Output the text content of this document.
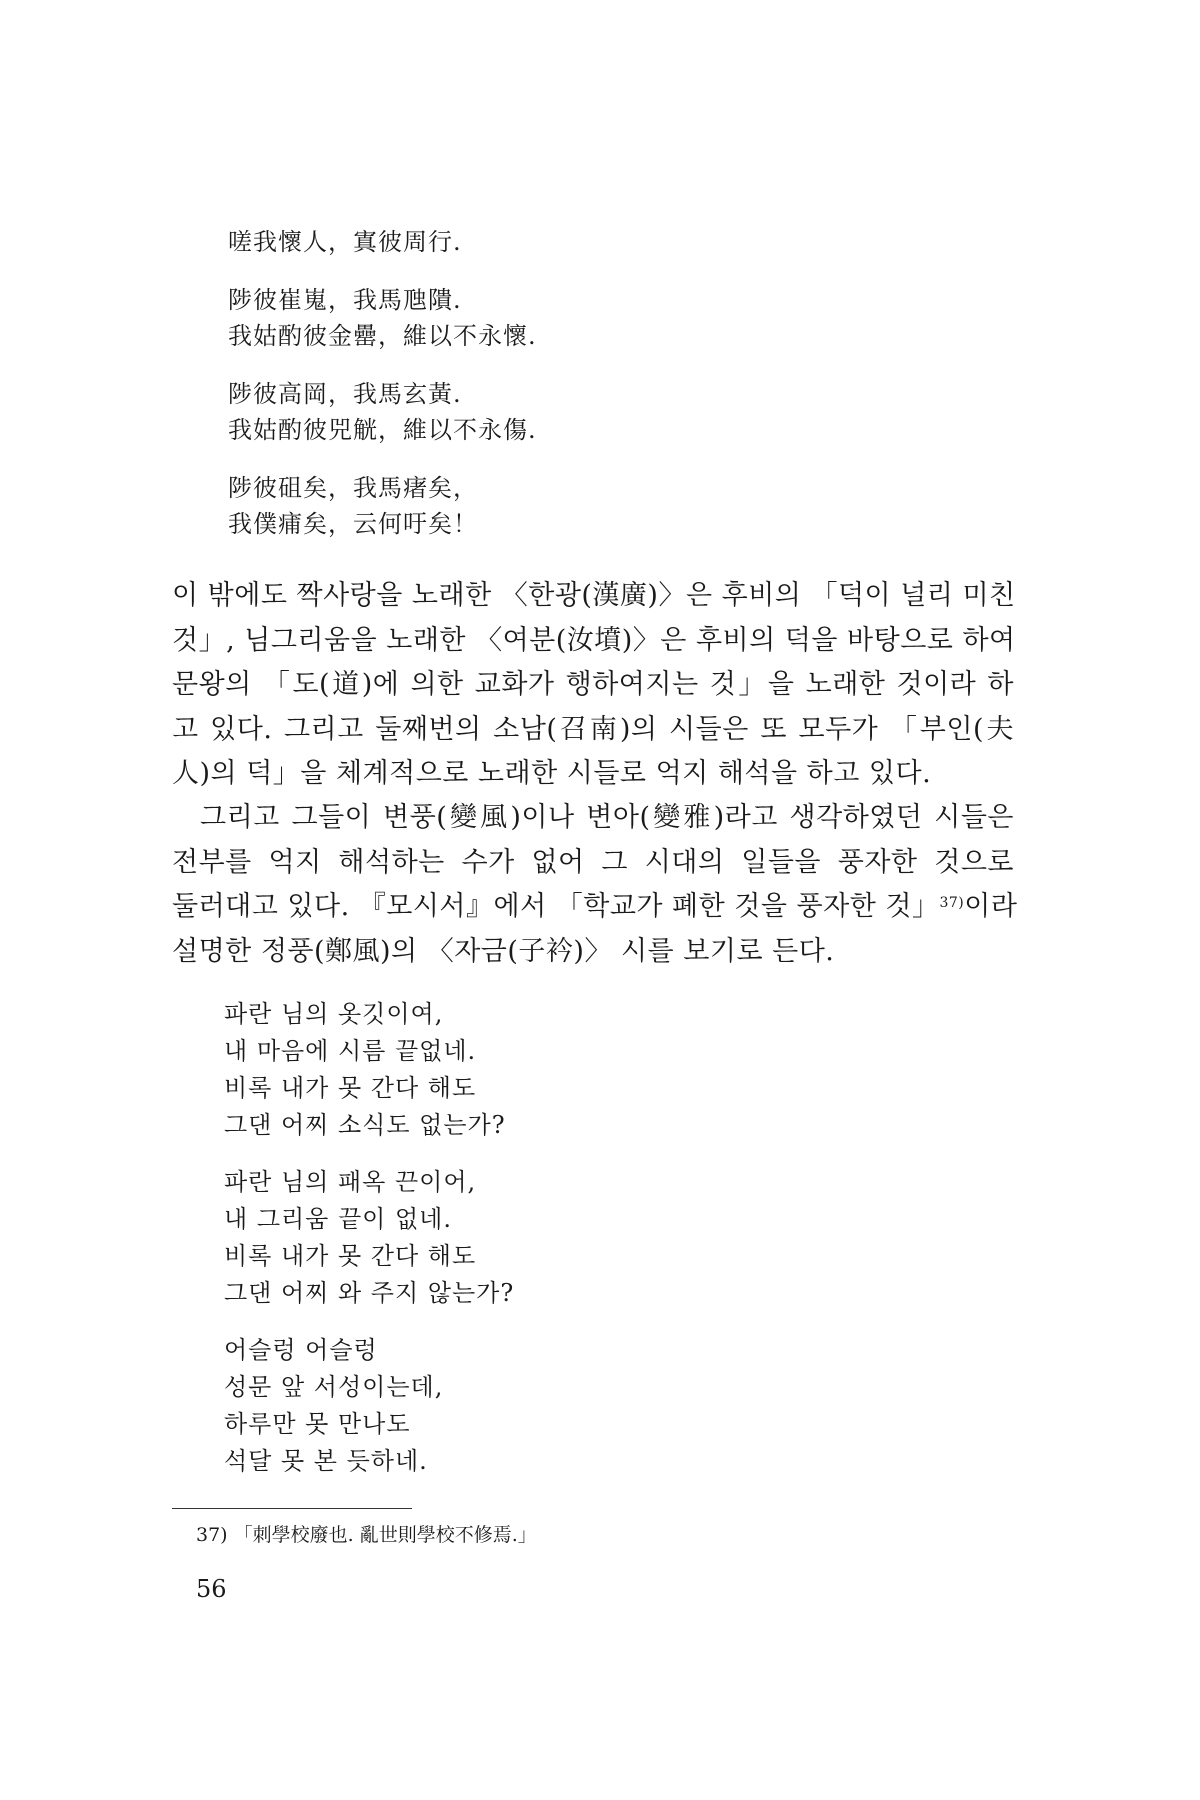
嗟我懷人，寘彼周行.
陟彼崔嵬，我馬虺隤.
我姑酌彼金罍，維以不永懷.
陟彼高岡，我馬玄黃.
我姑酌彼兕觥，維以不永傷.
陟彼砠矣，我馬瘏矣，
我僕痡矣，云何吁矣！
이 밖에도 짝사랑을 노래한 〈한광(漢廣)〉은 후비의 「덕이 널리 미친
것」, 님그리움을 노래한 〈여분(汝墳)〉은 후비의 덕을 바탕으로 하여
문왕의 「도(道)에 의한 교화가 행하여지는 것」을 노래한 것이라 하
고 있다. 그리고 둘째번의 소남(召南)의 시들은 또 모두가 「부인(夫
人)의 덕」을 체계적으로 노래한 시들로 억지 해석을 하고 있다.
그리고 그들이 변풍(變風)이나 변아(變雅)라고 생각하였던 시들은
전부를 억지 해석하는 수가 없어 그 시대의 일들을 풍자한 것으로
둘러대고 있다. 『모시서』에서 「학교가 폐한 것을 풍자한 것」$^{37)}$이라
설명한 정풍(鄭風)의 〈자금(子衿)〉 시를 보기로 든다.
파란 님의 옷깃이여,
내 마음에 시름 끝없네.
비록 내가 못 간다 해도
그댄 어찌 소식도 없는가?
파란 님의 패옥 끈이어,
내 그리움 끝이 없네.
비록 내가 못 간다 해도
그댄 어찌 와 주지 않는가?
어슬렁 어슬렁
성문 앞 서성이는데,
하루만 못 만나도
석달 못 본 듯하네.
37) 「刺學校廢也. 亂世則學校不修焉.」
56
